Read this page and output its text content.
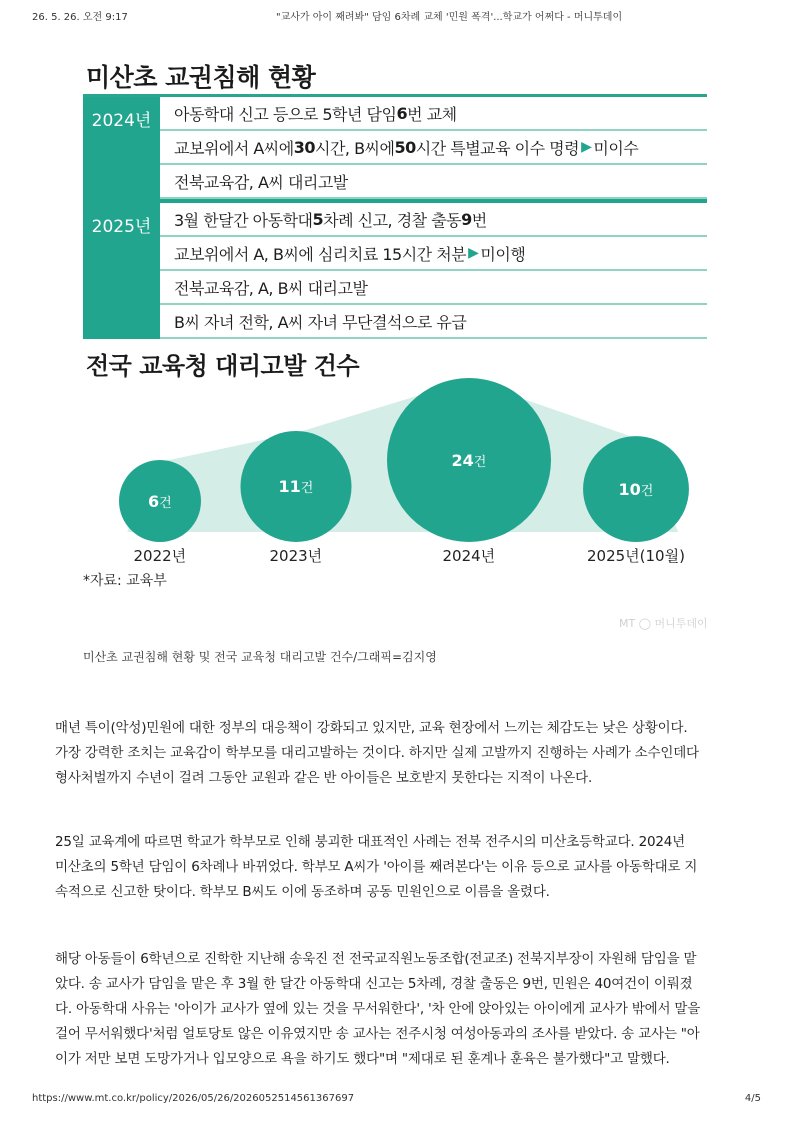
26. 5. 26. 오전 9:17	"교사가 아이 째려봐" 담임 6차례 교체 '민원 폭격'...학교가 어쩌다 - 머니투데이
미산초 교권침해 현황
2024년	아동학대 신고 등으로 5학년 담임 6 번 교체
교보위에서 A씨에 30 시간, B씨에 50 시간 특별교육 이수 명령 ▶ 미이수
전북교육감, A씨 대리고발
2025년	3월 한달간 아동학대 5 차례 신고, 경찰 출동 9 번
교보위에서 A, B씨에 심리치료 15시간 처분 ▶ 미이행
전북교육감, A, B씨 대리고발
B씨 자녀 전학, A씨 자녀 무단결석으로 유급
전국 교육청 대리고발 건수
6건
2022년
11건
2023년
24건
2024년
10건
2025년(10월)
*자료: 교육부
MT ◯ 머니투데이
미산초 교권침해 현황 및 전국 교육청 대리고발 건수/그래픽=김지영
매년 특이(악성)민원에 대한 정부의 대응책이 강화되고 있지만, 교육 현장에서 느끼는 체감도는 낮은 상황이다.
가장 강력한 조치는 교육감이 학부모를 대리고발하는 것이다. 하지만 실제 고발까지 진행하는 사례가 소수인데다
형사처벌까지 수년이 걸려 그동안 교원과 같은 반 아이들은 보호받지 못한다는 지적이 나온다.
25일 교육계에 따르면 학교가 학부모로 인해 붕괴한 대표적인 사례는 전북 전주시의 미산초등학교다. 2024년
미산초의 5학년 담임이 6차례나 바뀌었다. 학부모 A씨가 '아이를 째려본다'는 이유 등으로 교사를 아동학대로 지
속적으로 신고한 탓이다. 학부모 B씨도 이에 동조하며 공동 민원인으로 이름을 올렸다.
해당 아동들이 6학년으로 진학한 지난해 송욱진 전 전국교직원노동조합(전교조) 전북지부장이 자원해 담임을 맡
았다. 송 교사가 담임을 맡은 후 3월 한 달간 아동학대 신고는 5차례, 경찰 출동은 9번, 민원은 40여건이 이뤄졌
다. 아동학대 사유는 '아이가 교사가 옆에 있는 것을 무서워한다', '차 안에 앉아있는 아이에게 교사가 밖에서 말을
걸어 무서워했다'처럼 얼토당토 않은 이유였지만 송 교사는 전주시청 여성아동과의 조사를 받았다. 송 교사는 "아
이가 저만 보면 도망가거나 입모양으로 욕을 하기도 했다"며 "제대로 된 훈계나 훈육은 불가했다"고 말했다.
https://www.mt.co.kr/policy/2026/05/26/2026052514561367697	4/5
